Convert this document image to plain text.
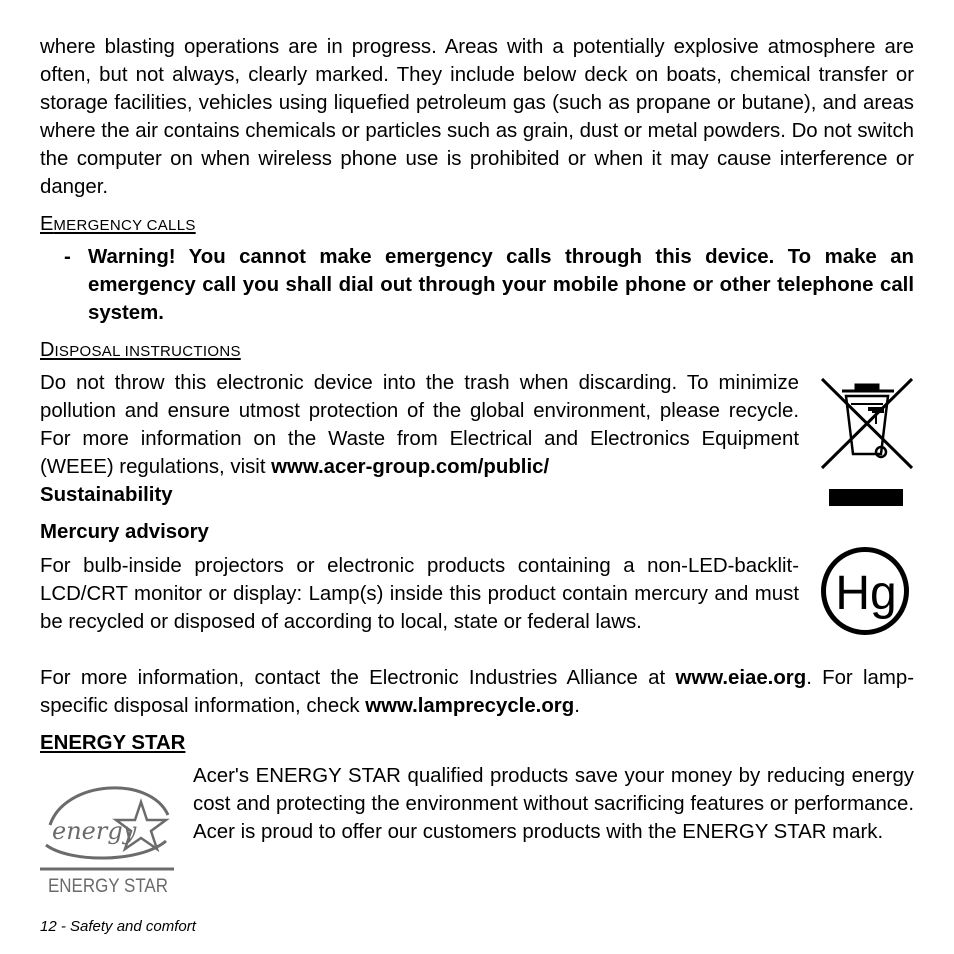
where blasting operations are in progress. Areas with a potentially explosive atmosphere are often, but not always, clearly marked. They include below deck on boats, chemical transfer or storage facilities, vehicles using liquefied petroleum gas (such as propane or butane), and areas where the air contains chemicals or particles such as grain, dust or metal powders. Do not switch the computer on when wireless phone use is prohibited or when it may cause interference or danger.
EMERGENCY CALLS
- Warning! You cannot make emergency calls through this device. To make an emergency call you shall dial out through your mobile phone or other telephone call system.
DISPOSAL INSTRUCTIONS
Do not throw this electronic device into the trash when discarding. To minimize pollution and ensure utmost protection of the global environment, please recycle. For more information on the Waste from Electrical and Electronics Equipment (WEEE) regulations, visit www.acer-group.com/public/
Sustainability
Mercury advisory
For bulb-inside projectors or electronic products containing a non-LED-backlit-LCD/CRT monitor or display: Lamp(s) inside this product contain mercury and must be recycled or disposed of according to local, state or federal laws.
Hg
For more information, contact the Electronic Industries Alliance at www.eiae.org. For lamp-specific disposal information, check www.lamprecycle.org.
ENERGY STAR
Acer's ENERGY STAR qualified products save your money by reducing energy cost and protecting the environment without sacrificing features or performance. Acer is proud to offer our customers products with the ENERGY STAR mark.
energy
ENERGY STAR
12 - Safety and comfort
